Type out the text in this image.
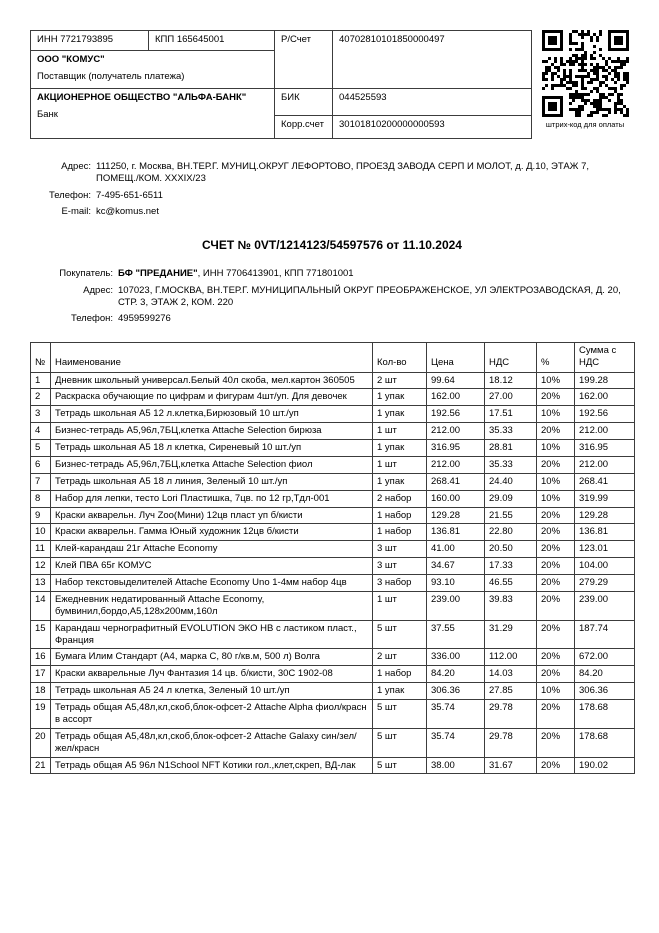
ИНН 7721793895	КПП 165645001	Р/Счет	40702810101850000497

ООО "КОМУС"
Поставщик (получатель платежа)			

АКЦИОНЕРНОЕ ОБЩЕСТВО "АЛЬФА-БАНК"
Банк		БИК	044525593
		Корр.счет	30101810200000000593	штрих-код для оплаты
Адрес: 111250, г. Москва, ВН.ТЕР.Г. МУНИЦ.ОКРУГ ЛЕФОРТОВО, ПРОЕЗД ЗАВОДА СЕРП И МОЛОТ, д. Д.10, ЭТАЖ 7, ПОМЕЩ./КОМ. XXXIX/23
Телефон: 7-495-651-6511
E-mail: kc@komus.net
СЧЕТ № 0VT/1214123/54597576 от 11.10.2024
Покупатель: БФ "ПРЕДАНИЕ", ИНН 7706413901, КПП 771801001
Адрес: 107023, Г.МОСКВА, ВН.ТЕР.Г. МУНИЦИПАЛЬНЫЙ ОКРУГ ПРЕОБРАЖЕНСКОЕ, УЛ ЭЛЕКТРОЗАВОДСКАЯ, Д. 20, СТР. 3, ЭТАЖ 2, КОМ. 220
Телефон: 4959599276
№	Наименование	Кол-во	Цена	НДС	%	Сумма с НДС
1	Дневник школьный универсал.Белый 40л скоба, мел.картон 360505	2 шт	99.64	18.12	10%	199.28
2	Раскраска обучающие по цифрам и фигурам 4шт/уп. Для девочек	1 упак	162.00	27.00	20%	162.00
3	Тетрадь школьная А5 12 л.клетка,Бирюзовый 10 шт./уп	1 упак	192.56	17.51	10%	192.56
4	Бизнес-тетрадь А5,96л,7БЦ,клетка Attache Selection бирюза	1 шт	212.00	35.33	20%	212.00
5	Тетрадь школьная А5 18 л клетка, Сиреневый 10 шт./уп	1 упак	316.95	28.81	10%	316.95
6	Бизнес-тетрадь А5,96л,7БЦ,клетка Attache Selection фиол	1 шт	212.00	35.33	20%	212.00
7	Тетрадь школьная А5 18 л линия, Зеленый 10 шт./уп	1 упак	268.41	24.40	10%	268.41
8	Набор для лепки, тесто Lori Пластишка, 7цв. по 12 гр,Тдл-001	2 набор	160.00	29.09	10%	319.99
9	Краски акварельн. Луч Zoo(Мини) 12цв пласт уп б/кисти	1 набор	129.28	21.55	20%	129.28
10	Краски акварельн. Гамма Юный художник 12цв б/кисти	1 набор	136.81	22.80	20%	136.81
11	Клей-карандаш 21г Attache Economy	3 шт	41.00	20.50	20%	123.01
12	Клей ПВА 65г КОМУС	3 шт	34.67	17.33	20%	104.00
13	Набор текстовыделителей Attache Economy Uno 1-4мм набор 4цв	3 набор	93.10	46.55	20%	279.29
14	Ежедневник недатированный Attache Economy, бумвинил,бордо,А5,128х200мм,160л	1 шт	239.00	39.83	20%	239.00
15	Карандаш чернографитный EVOLUTION ЭКО НВ с ластиком пласт., Франция	5 шт	37.55	31.29	20%	187.74
16	Бумага Илим Стандарт (А4, марка С, 80 г/кв.м, 500 л) Волга	2 шт	336.00	112.00	20%	672.00
17	Краски акварельные Луч Фантазия 14 цв. б/кисти, 30С 1902-08	1 набор	84.20	14.03	20%	84.20
18	Тетрадь школьная А5 24 л клетка, Зеленый 10 шт./уп	1 упак	306.36	27.85	10%	306.36
19	Тетрадь общая А5,48л,кл,скоб,блок-офсет-2 Attache Alpha фиол/красн в ассорт	5 шт	35.74	29.78	20%	178.68
20	Тетрадь общая А5,48л,кл,скоб,блок-офсет-2 Attache Galaxy син/зел/жел/красн	5 шт	35.74	29.78	20%	178.68
21	Тетрадь общая А5 96л N1School NFT Котики гол.,клет,скреп, ВД-лак	5 шт	38.00	31.67	20%	190.02
